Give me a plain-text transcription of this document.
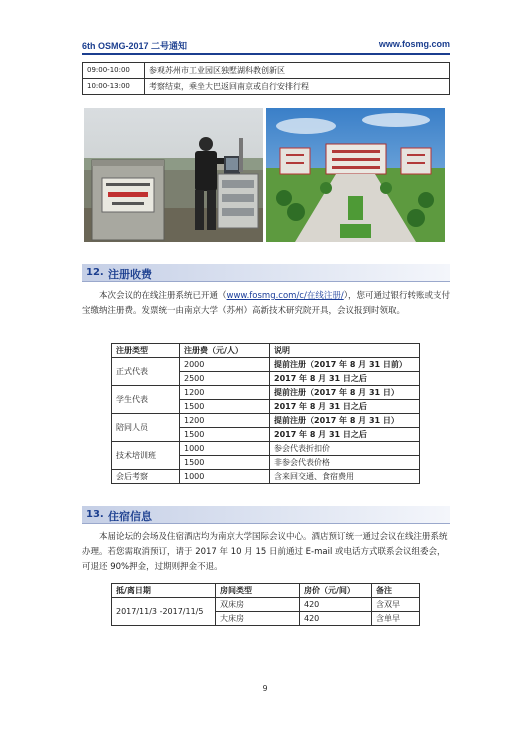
6th OSMG-2017 二号通知	www.fosmg.com
09:00-10:00	参观苏州市工业园区独墅湖科教创新区
10:00-13:00	考察结束，乘坐大巴返回南京或自行安排行程
12. 注册收费
本次会议的在线注册系统已开通（www.fosmg.com/c/在线注册/），您可通过银行转账或支付宝缴纳注册费。发票统一由南京大学（苏州）高新技术研究院开具，会议报到时领取。
注册类型	注册费（元/人）	说明
正式代表	2000	提前注册（2017 年 8 月 31 日前）
	2500	2017 年 8 月 31 日之后
学生代表	1200	提前注册（2017 年 8 月 31 日）
	1500	2017 年 8 月 31 日之后
陪同人员	1200	提前注册（2017 年 8 月 31 日）
	1500	2017 年 8 月 31 日之后
技术培训班	1000	参会代表折扣价
	1500	非参会代表价格
会后考察	1000	含来回交通、食宿费用
13. 住宿信息
本届论坛的会场及住宿酒店均为南京大学国际会议中心。酒店预订统一通过会议在线注册系统办理。若您需取消预订，请于 2017 年 10 月 15 日前通过 E-mail 或电话方式联系会议组委会，可退还 90%押金，过期则押金不退。
抵/离日期	房间类型	房价（元/间）	备注
2017/11/3 -2017/11/5	双床房	420	含双早
	大床房	420	含单早
9
